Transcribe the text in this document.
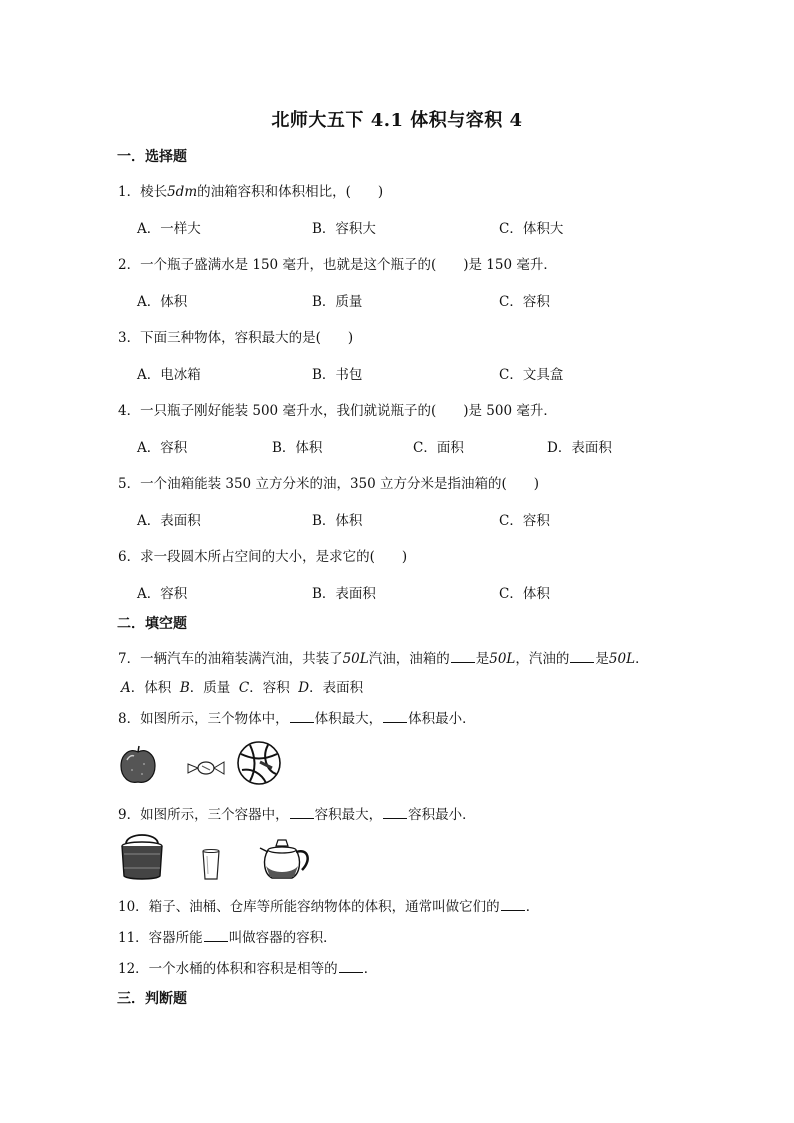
北师大五下 4.1 体积与容积 4
一．选择题
1．棱长5dm的油箱容积和体积相比，(　　)
A．一样大	B．容积大	C．体积大
2．一个瓶子盛满水是 150 毫升，也就是这个瓶子的(　　)是 150 毫升．
A．体积	B．质量	C．容积
3．下面三种物体，容积最大的是(　　)
A．电冰箱	B．书包	C．文具盒
4．一只瓶子刚好能装 500 毫升水，我们就说瓶子的(　　)是 500 毫升．
A．容积	B．体积	C．面积	D．表面积
5．一个油箱能装 350 立方分米的油，350 立方分米是指油箱的(　　)
A．表面积	B．体积	C．容积
6．求一段圆木所占空间的大小，是求它的(　　)
A．容积	B．表面积	C．体积
二．填空题
7．一辆汽车的油箱装满汽油，共装了50L汽油，油箱的 是50L，汽油的 是50L．
A．体积 B．质量 C．容积 D．表面积
8．如图所示，三个物体中， 体积最大， 体积最小．
9．如图所示，三个容器中， 容积最大， 容积最小．
10．箱子、油桶、仓库等所能容纳物体的体积，通常叫做它们的 ．
11．容器所能 叫做容器的容积．
12．一个水桶的体积和容积是相等的 ．
三．判断题
